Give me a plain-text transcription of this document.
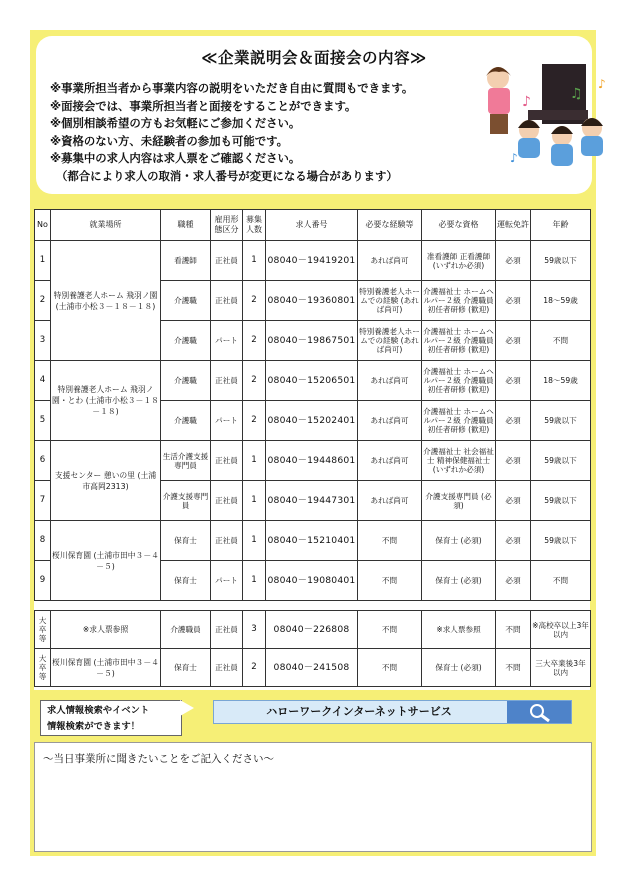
≪企業説明会＆面接会の内容≫
※事業所担当者から事業内容の説明をいただき自由に質問もできます。
※面接会では、事業所担当者と面接をすることができます。
※個別相談希望の方もお気軽にご参加ください。
※資格のない方、未経験者の参加も可能です。
※募集中の求人内容は求人票をご確認ください。
（都合により求人の取消・求人番号が変更になる場合があります）
♪	♫
♪
♪
No	就業場所	職種	雇用形態区分	募集人数	求人番号	必要な経験等	必要な資格	運転免許	年齢
1	特別養護老人ホーム 飛羽ノ園 (土浦市小松３－１８－１８)	看護師	正社員	1	08040－19419201	あれば尚可	准看護師 正看護師 (いずれか必須)	必須	59歳以下
2		介護職	正社員	2	08040－19360801	特別養護老人ホームでの経験 (あれば尚可)	介護福祉士 ホームヘルパー２級 介護職員初任者研修 (歓迎)	必須	18～59歳
3		介護職	パート	2	08040－19867501	特別養護老人ホームでの経験 (あれば尚可)	介護福祉士 ホームヘルパー２級 介護職員初任者研修 (歓迎)	必須	不問
4	特別養護老人ホーム 飛羽ノ園・とわ (土浦市小松３－１８－１８)	介護職	正社員	2	08040－15206501	あれば尚可	介護福祉士 ホームヘルパー２級 介護職員初任者研修 (歓迎)	必須	18～59歳
5		介護職	パート	2	08040－15202401	あれば尚可	介護福祉士 ホームヘルパー２級 介護職員初任者研修 (歓迎)	必須	59歳以下
6	支援センター 憩いの里 (土浦市高岡2313)	生活介護支援専門員	正社員	1	08040－19448601	あれば尚可	介護福祉士 社会福祉士 精神保健福祉士 (いずれか必須)	必須	59歳以下
7		介護支援専門員	正社員	1	08040－19447301	あれば尚可	介護支援専門員 (必須)	必須	59歳以下
8	桜川保育園 (土浦市田中３－４－５)	保育士	正社員	1	08040－15210401	不問	保育士 (必須)	必須	59歳以下
9		保育士	パート	1	08040－19080401	不問	保育士 (必須)	必須	不問

大卒等	※求人票参照	介護職員	正社員	3	08040－226808	不問	※求人票参照	不問	※高校卒以上3年以内
大卒等	桜川保育園 (土浦市田中３－４－５)	保育士	正社員	2	08040－241508	不問	保育士 (必須)	不問	三大卒業後3年以内
求人情報検索やイベント
情報検索ができます！
ハローワークインターネットサービス
～当日事業所に聞きたいことをご記入ください～
